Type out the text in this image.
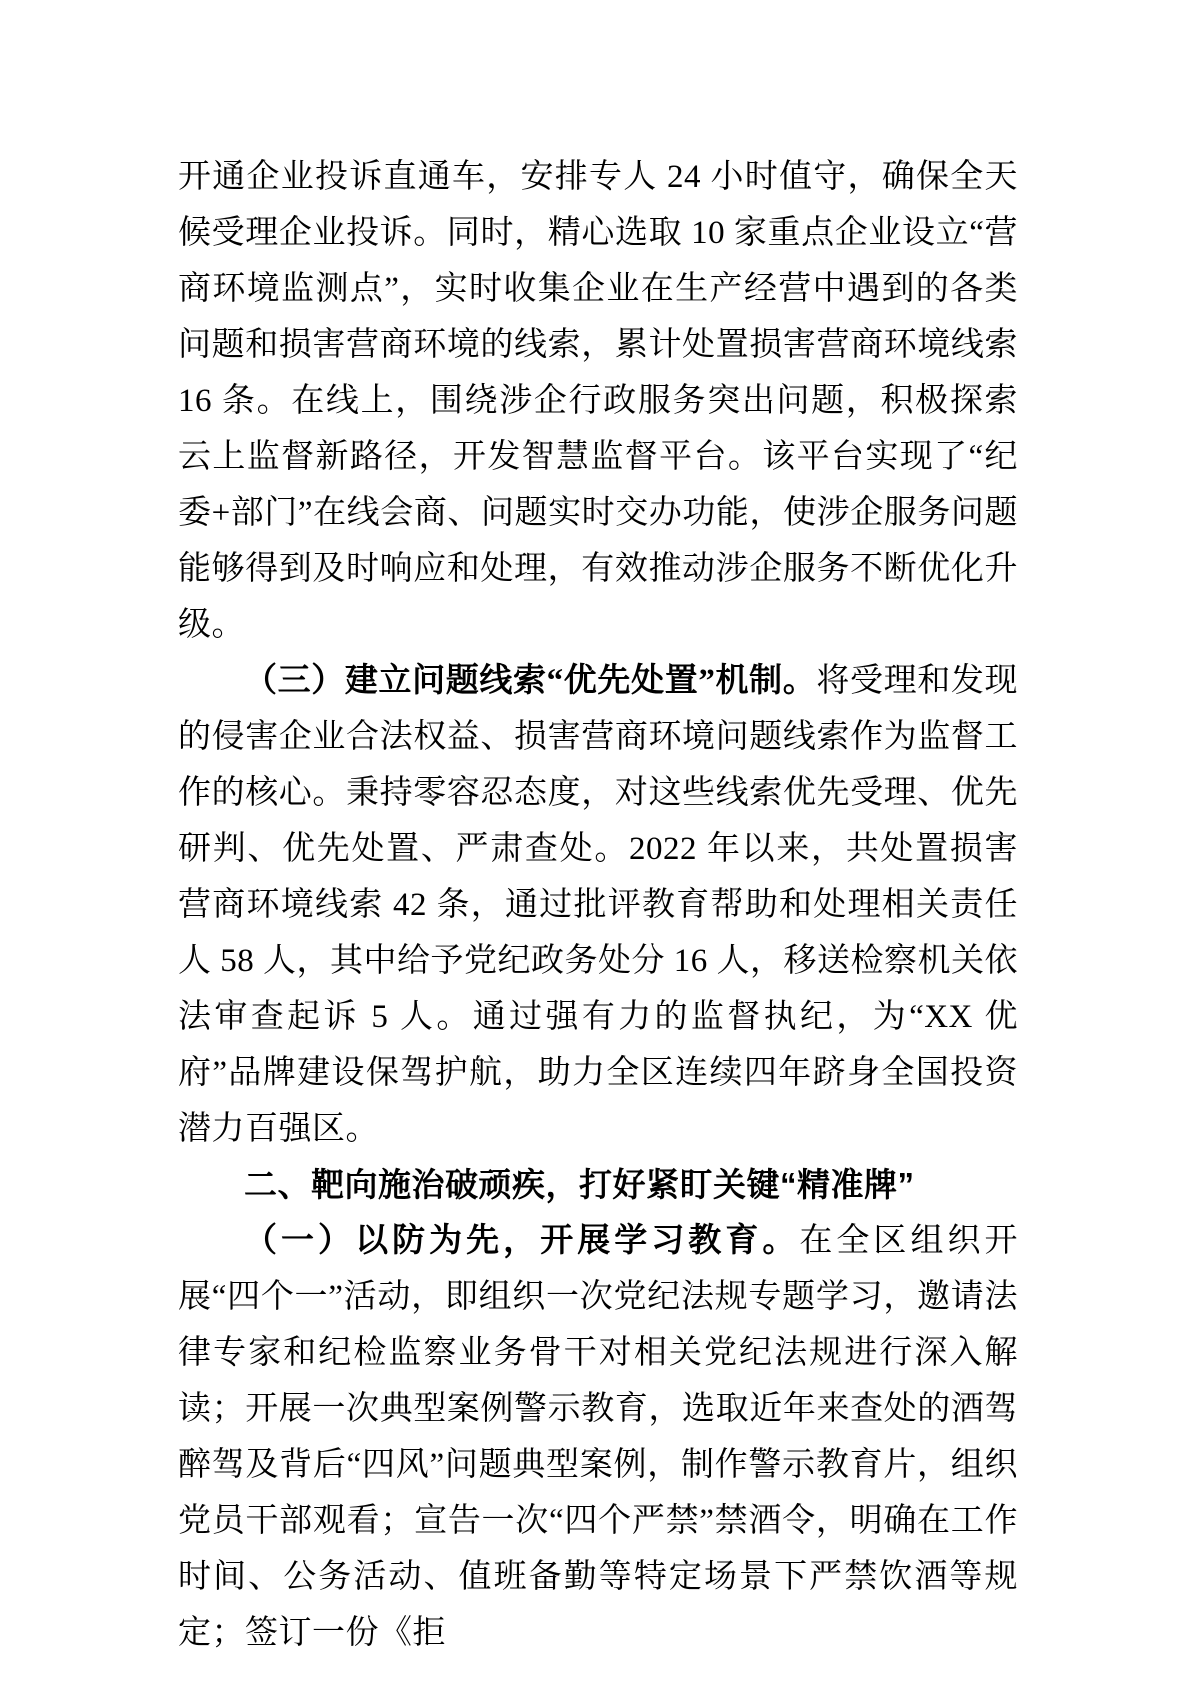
开通企业投诉直通车，安排专人 24 小时值守，确保全天候受理企业投诉。同时，精心选取 10 家重点企业设立“营商环境监测点”，实时收集企业在生产经营中遇到的各类问题和损害营商环境的线索，累计处置损害营商环境线索 16 条。在线上，围绕涉企行政服务突出问题，积极探索云上监督新路径，开发智慧监督平台。该平台实现了“纪委+部门”在线会商、问题实时交办功能，使涉企服务问题能够得到及时响应和处理，有效推动涉企服务不断优化升级。

（三）建立问题线索“优先处置”机制。将受理和发现的侵害企业合法权益、损害营商环境问题线索作为监督工作的核心。秉持零容忍态度，对这些线索优先受理、优先研判、优先处置、严肃查处。2022 年以来，共处置损害营商环境线索 42 条，通过批评教育帮助和处理相关责任人 58 人，其中给予党纪政务处分 16 人，移送检察机关依法审查起诉 5 人。通过强有力的监督执纪，为“XX 优府”品牌建设保驾护航，助力全区连续四年跻身全国投资潜力百强区。

二、靶向施治破顽疾，打好紧盯关键“精准牌”

（一）以防为先，开展学习教育。在全区组织开展“四个一”活动，即组织一次党纪法规专题学习，邀请法律专家和纪检监察业务骨干对相关党纪法规进行深入解读；开展一次典型案例警示教育，选取近年来查处的酒驾醉驾及背后“四风”问题典型案例，制作警示教育片，组织党员干部观看；宣告一次“四个严禁”禁酒令，明确在工作时间、公务活动、值班备勤等特定场景下严禁饮酒等规定；签订一份《拒
